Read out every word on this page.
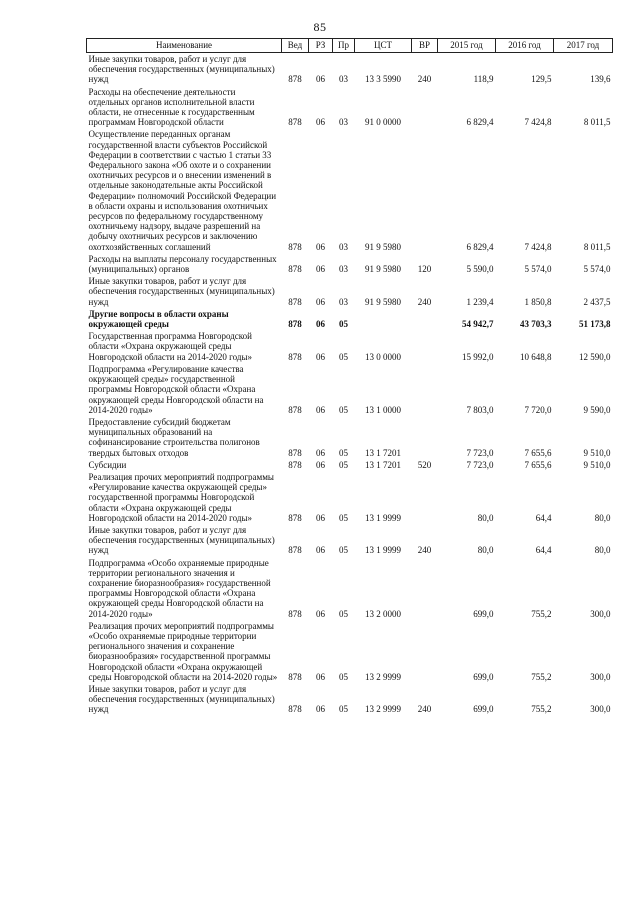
85
Наименование	Вед	РЗ	Пр	ЦСТ	ВР	2015 год	2016 год	2017 год
Иные закупки товаров, работ и услуг для обеспечения государственных (муниципальных) нужд	878	06	03	13 3 5990	240	118,9	129,5	139,6
Расходы на обеспечение деятельности отдельных органов исполнительной власти области, не отнесенные к государственным программам Новгородской области	878	06	03	91 0 0000		6 829,4	7 424,8	8 011,5
Осуществление переданных органам государственной власти субъектов Российской Федерации в соответствии с частью 1 статьи 33 Федерального закона «Об охоте и о сохранении охотничьих ресурсов и о внесении изменений в отдельные законодательные акты Российской Федерации» полномочий Российской Федерации в области охраны и использования охотничьих ресурсов по федеральному государственному охотничьему надзору, выдаче разрешений на добычу охотничьих ресурсов и заключению охотхозяйственных соглашений	878	06	03	91 9 5980		6 829,4	7 424,8	8 011,5
Расходы на выплаты персоналу государственных (муниципальных) органов	878	06	03	91 9 5980	120	5 590,0	5 574,0	5 574,0
Иные закупки товаров, работ и услуг для обеспечения государственных (муниципальных) нужд	878	06	03	91 9 5980	240	1 239,4	1 850,8	2 437,5
Другие вопросы в области охраны окружающей среды	878	06	05			54 942,7	43 703,3	51 173,8
Государственная программа Новгородской области «Охрана окружающей среды Новгородской области на 2014-2020 годы»	878	06	05	13 0 0000		15 992,0	10 648,8	12 590,0
Подпрограмма «Регулирование качества окружающей среды» государственной программы Новгородской области «Охрана окружающей среды Новгородской области на 2014-2020 годы»	878	06	05	13 1 0000		7 803,0	7 720,0	9 590,0
Предоставление субсидий бюджетам муниципальных образований на софинансирование строительства полигонов твердых бытовых отходов	878	06	05	13 1 7201		7 723,0	7 655,6	9 510,0
Субсидии	878	06	05	13 1 7201	520	7 723,0	7 655,6	9 510,0
Реализация прочих мероприятий подпрограммы «Регулирование качества окружающей среды» государственной программы Новгородской области «Охрана окружающей среды Новгородской области на 2014-2020 годы»	878	06	05	13 1 9999		80,0	64,4	80,0
Иные закупки товаров, работ и услуг для обеспечения государственных (муниципальных) нужд	878	06	05	13 1 9999	240	80,0	64,4	80,0
Подпрограмма «Особо охраняемые природные территории регионального значения и сохранение биоразнообразия» государственной программы Новгородской области «Охрана окружающей среды Новгородской области на 2014-2020 годы»	878	06	05	13 2 0000		699,0	755,2	300,0
Реализация прочих мероприятий подпрограммы «Особо охраняемые природные территории регионального значения и сохранение биоразнообразия» государственной программы Новгородской области «Охрана окружающей среды Новгородской области на 2014-2020 годы»	878	06	05	13 2 9999		699,0	755,2	300,0
Иные закупки товаров, работ и услуг для обеспечения государственных (муниципальных) нужд	878	06	05	13 2 9999	240	699,0	755,2	300,0
